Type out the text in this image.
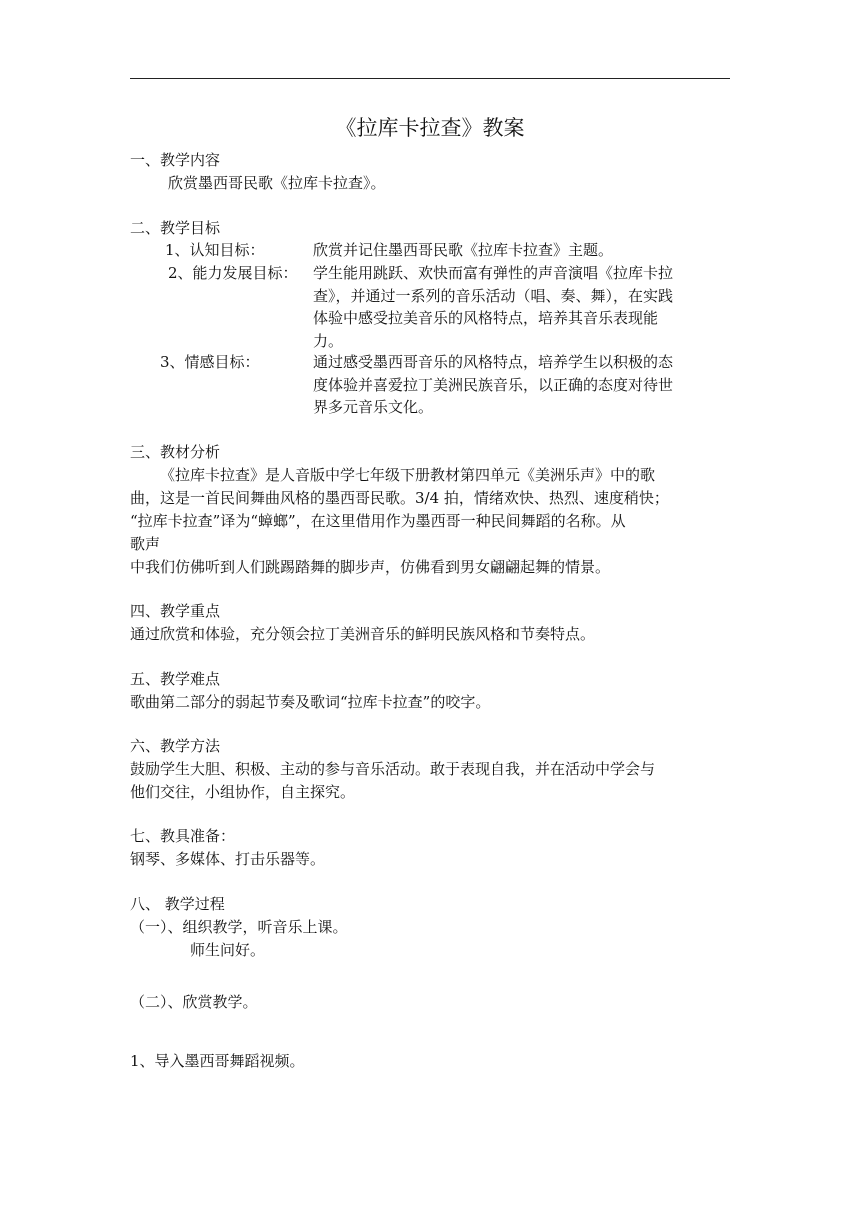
《拉库卡拉查》教案
一、教学内容
欣赏墨西哥民歌《拉库卡拉查》。
二、教学目标
1、认知目标：	欣赏并记住墨西哥民歌《拉库卡拉查》主题。
2、能力发展目标： 学生能用跳跃、欢快而富有弹性的声音演唱《拉库卡拉
查》，并通过一系列的音乐活动（唱、奏、舞），在实践
体验中感受拉美音乐的风格特点，培养其音乐表现能
力。
3、情感目标：	通过感受墨西哥音乐的风格特点，培养学生以积极的态
度体验并喜爱拉丁美洲民族音乐，以正确的态度对待世
界多元音乐文化。
三、教材分析
《拉库卡拉查》是人音版中学七年级下册教材第四单元《美洲乐声》中的歌
曲，这是一首民间舞曲风格的墨西哥民歌。3/4 拍，情绪欢快、热烈、速度稍快；
“拉库卡拉查”译为“蟑螂”，在这里借用作为墨西哥一种民间舞蹈的名称。从
歌声
中我们仿佛听到人们跳踢踏舞的脚步声，仿佛看到男女翩翩起舞的情景。
四、教学重点
通过欣赏和体验，充分领会拉丁美洲音乐的鲜明民族风格和节奏特点。
五、教学难点
歌曲第二部分的弱起节奏及歌词“拉库卡拉查”的咬字。
六、教学方法
鼓励学生大胆、积极、主动的参与音乐活动。敢于表现自我，并在活动中学会与
他们交往，小组协作，自主探究。
七、教具准备：
钢琴、多媒体、打击乐器等。
八、 教学过程
（一）、组织教学，听音乐上课。
师生问好。
（二）、欣赏教学。
1、导入墨西哥舞蹈视频。
